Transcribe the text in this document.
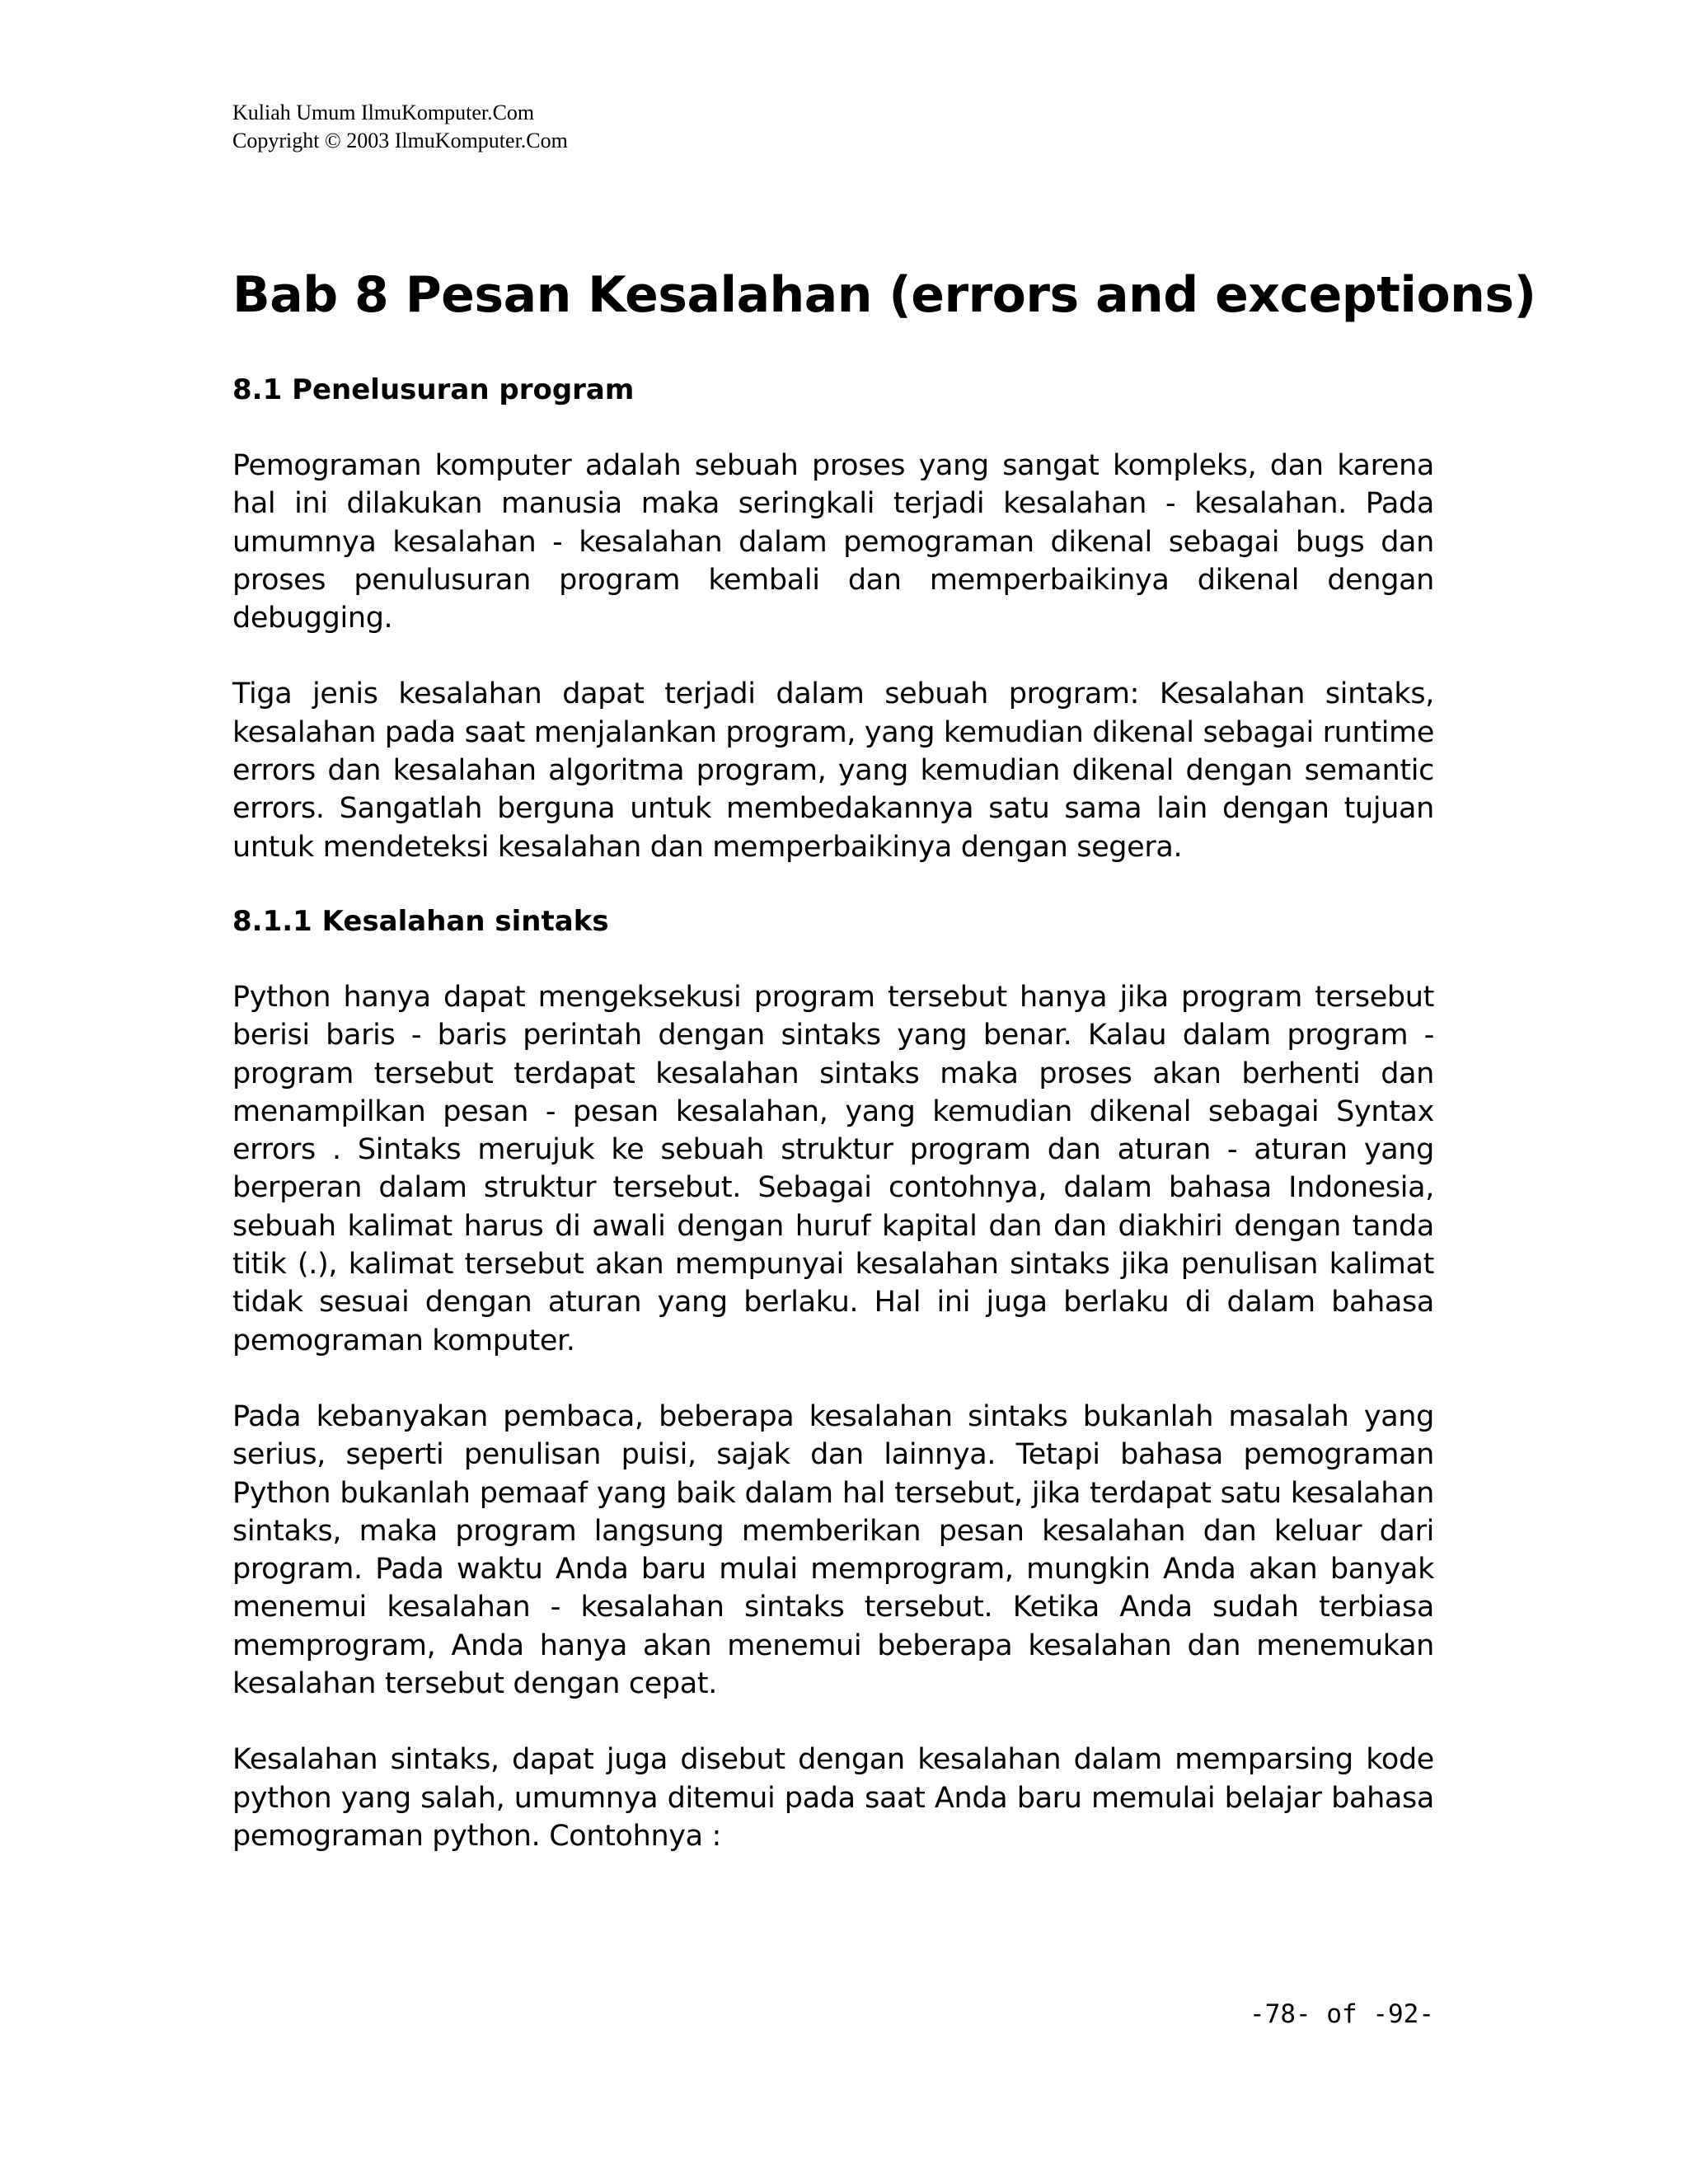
Kuliah Umum IlmuKomputer.Com
Copyright © 2003 IlmuKomputer.Com
Bab 8 Pesan Kesalahan (errors and exceptions)
8.1 Penelusuran program

Pemograman komputer adalah sebuah proses yang sangat kompleks, dan karena hal ini dilakukan manusia maka seringkali terjadi kesalahan - kesalahan. Pada umumnya kesalahan - kesalahan dalam pemograman dikenal sebagai bugs dan proses penulusuran program kembali dan memperbaikinya dikenal dengan debugging.

Tiga jenis kesalahan dapat terjadi dalam sebuah program: Kesalahan sintaks, kesalahan pada saat menjalankan program, yang kemudian dikenal sebagai runtime errors dan kesalahan algoritma program, yang kemudian dikenal dengan semantic errors. Sangatlah berguna untuk membedakannya satu sama lain dengan tujuan untuk mendeteksi kesalahan dan memperbaikinya dengan segera.

8.1.1 Kesalahan sintaks

Python hanya dapat mengeksekusi program tersebut hanya jika program tersebut berisi baris - baris perintah dengan sintaks yang benar. Kalau dalam program - program tersebut terdapat kesalahan sintaks maka proses akan berhenti dan menampilkan pesan - pesan kesalahan, yang kemudian dikenal sebagai Syntax errors . Sintaks merujuk ke sebuah struktur program dan aturan - aturan yang berperan dalam struktur tersebut. Sebagai contohnya, dalam bahasa Indonesia, sebuah kalimat harus di awali dengan huruf kapital dan dan diakhiri dengan tanda titik (.), kalimat tersebut akan mempunyai kesalahan sintaks jika penulisan kalimat tidak sesuai dengan aturan yang berlaku. Hal ini juga berlaku di dalam bahasa pemograman komputer.

Pada kebanyakan pembaca, beberapa kesalahan sintaks bukanlah masalah yang serius, seperti penulisan puisi, sajak dan lainnya. Tetapi bahasa pemograman Python bukanlah pemaaf yang baik dalam hal tersebut, jika terdapat satu kesalahan sintaks, maka program langsung memberikan pesan kesalahan dan keluar dari program. Pada waktu Anda baru mulai memprogram, mungkin Anda akan banyak menemui kesalahan - kesalahan sintaks tersebut. Ketika Anda sudah terbiasa memprogram, Anda hanya akan menemui beberapa kesalahan dan menemukan kesalahan tersebut dengan cepat.

Kesalahan sintaks, dapat juga disebut dengan kesalahan dalam memparsing kode python yang salah, umumnya ditemui pada saat Anda baru memulai belajar bahasa pemograman python. Contohnya :

-78- of -92-
